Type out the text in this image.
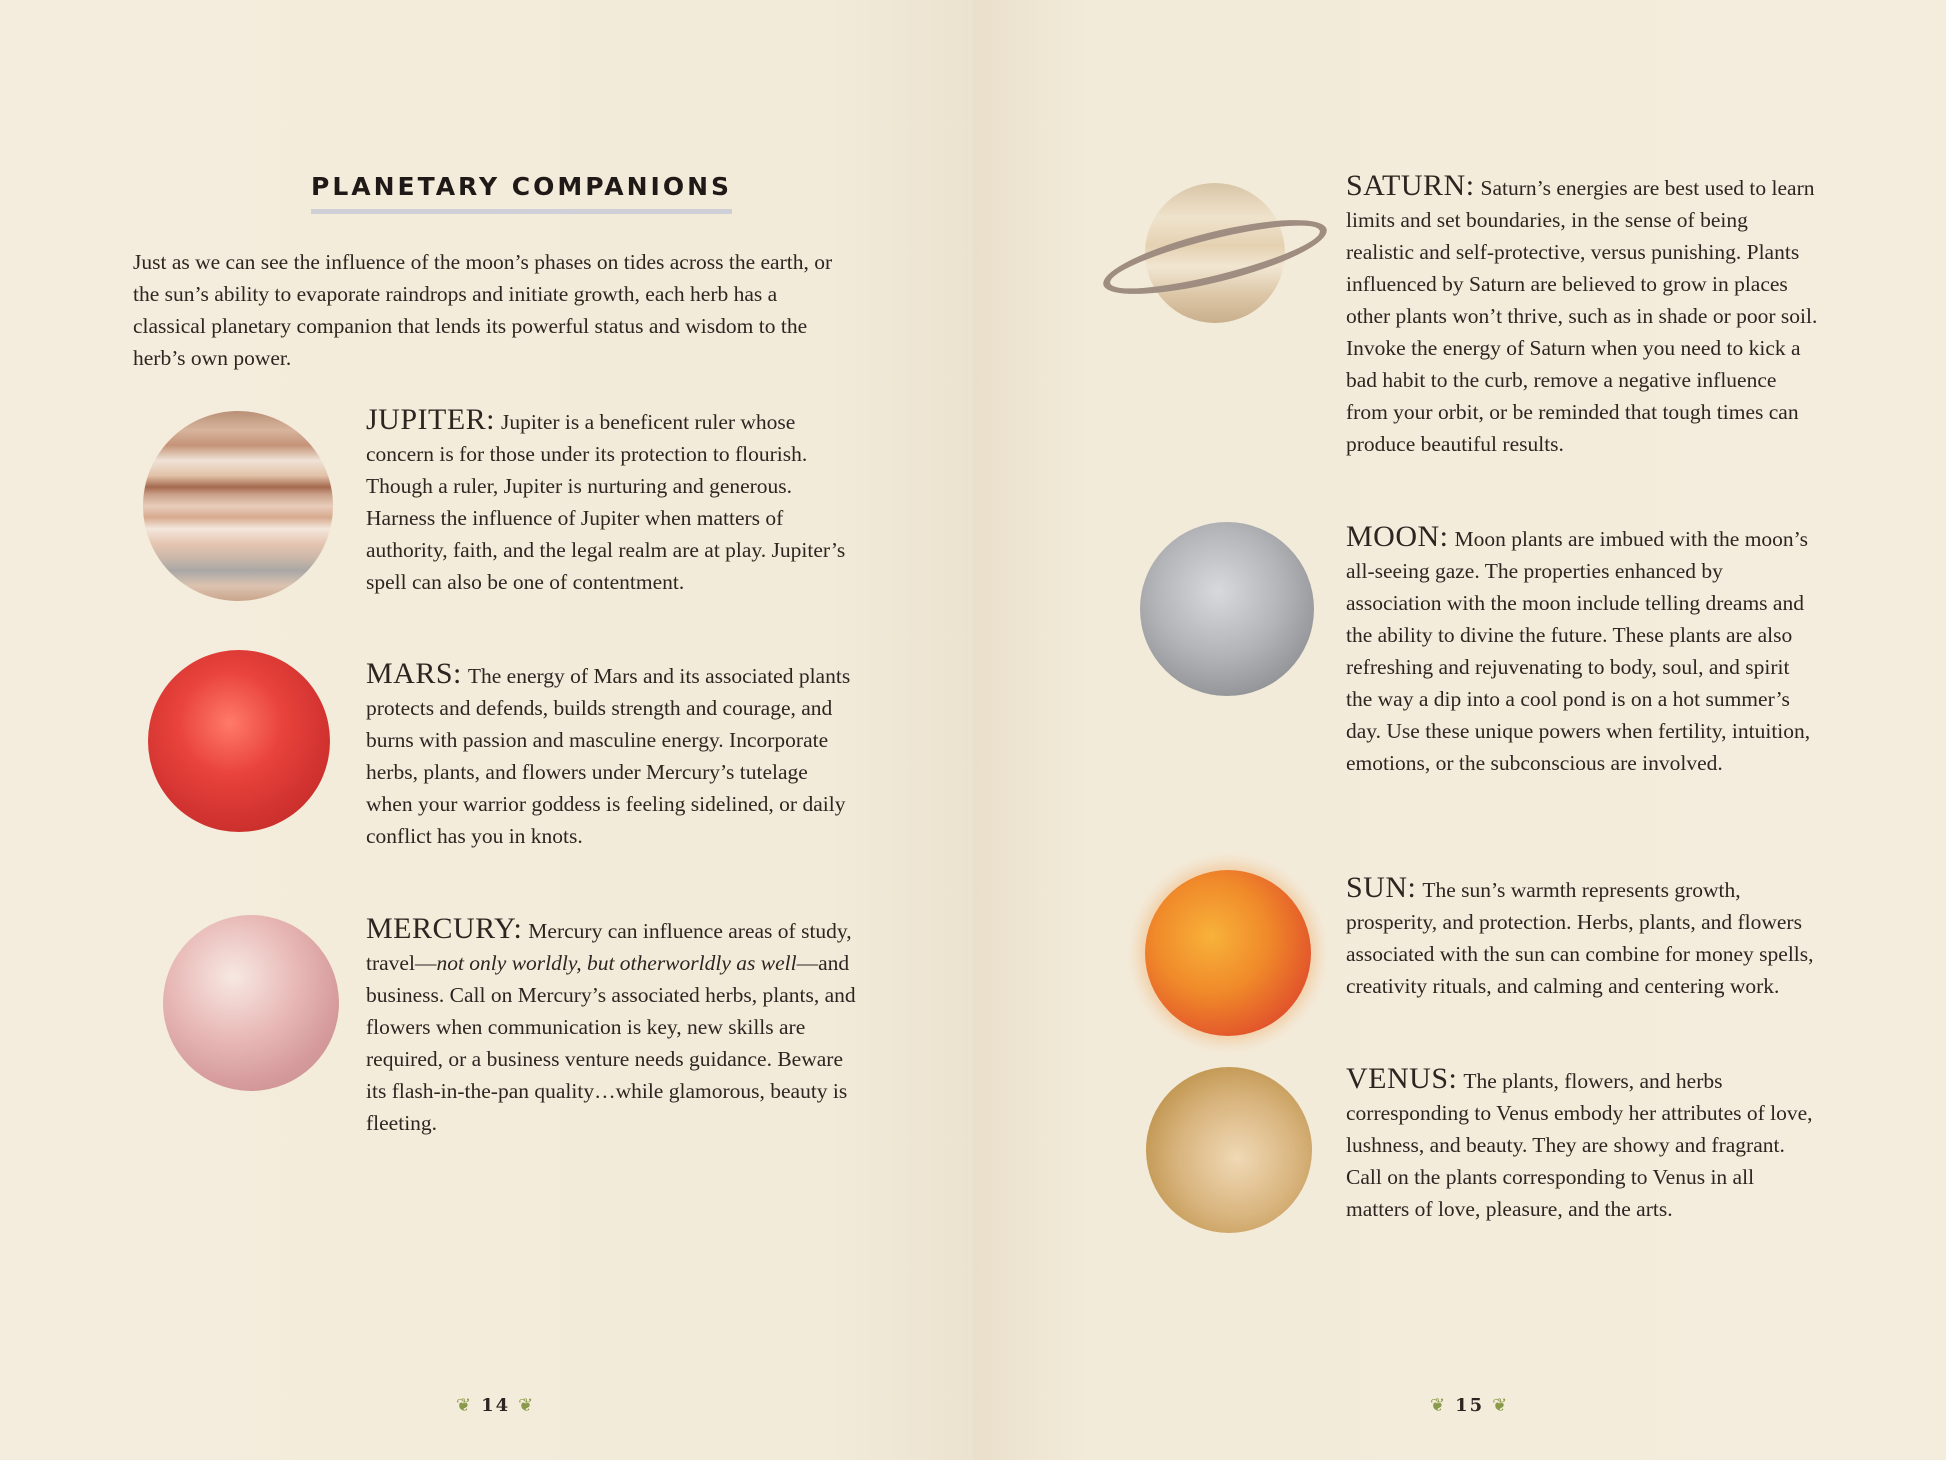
PLANETARY COMPANIONS
Just as we can see the influence of the moon’s phases on tides across the earth, or the sun’s ability to evaporate raindrops and initiate growth, each herb has a classical planetary companion that lends its powerful status and wisdom to the herb’s own power.
JUPITER: Jupiter is a beneficent ruler whose concern is for those under its protection to flourish. Though a ruler, Jupiter is nurturing and generous. Harness the influence of Jupiter when matters of authority, faith, and the legal realm are at play. Jupiter’s spell can also be one of contentment.
MARS: The energy of Mars and its associated plants protects and defends, builds strength and courage, and burns with passion and masculine energy. Incorporate herbs, plants, and flowers under Mercury’s tutelage when your warrior goddess is feeling sidelined, or daily conflict has you in knots.
MERCURY: Mercury can influence areas of study, travel—not only worldly, but otherworldly as well—and business. Call on Mercury’s associated herbs, plants, and flowers when communication is key, new skills are required, or a business venture needs guidance. Beware its flash-in-the-pan quality…while glamorous, beauty is fleeting.
❦ 14 ❦	❦ 15 ❦
SATURN: Saturn’s energies are best used to learn limits and set boundaries, in the sense of being realistic and self-protective, versus punishing. Plants influenced by Saturn are believed to grow in places other plants won’t thrive, such as in shade or poor soil. Invoke the energy of Saturn when you need to kick a bad habit to the curb, remove a negative influence from your orbit, or be reminded that tough times can produce beautiful results.
MOON: Moon plants are imbued with the moon’s all-seeing gaze. The properties enhanced by association with the moon include telling dreams and the ability to divine the future. These plants are also refreshing and rejuvenating to body, soul, and spirit the way a dip into a cool pond is on a hot summer’s day. Use these unique powers when fertility, intuition, emotions, or the subconscious are involved.
SUN: The sun’s warmth represents growth, prosperity, and protection. Herbs, plants, and flowers associated with the sun can combine for money spells, creativity rituals, and calming and centering work.
VENUS: The plants, flowers, and herbs corresponding to Venus embody her attributes of love, lushness, and beauty. They are showy and fragrant. Call on the plants corresponding to Venus in all matters of love, pleasure, and the arts.
